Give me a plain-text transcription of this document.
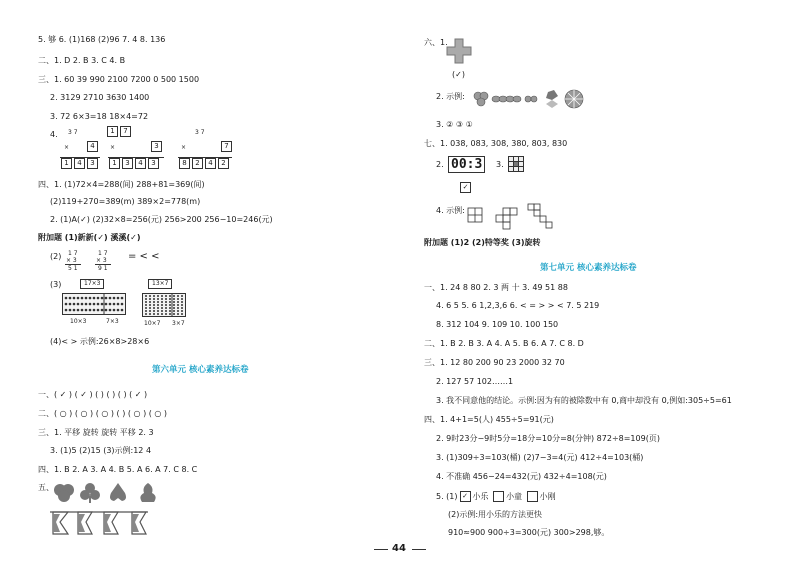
5. 够 6. (1)168 (2)96 7. 4 8. 136
二、1. D 2. B 3. C 4. B
三、1. 60 39 990 2100 7200 0 500 1500
2. 3129 2710 3630 1400
3. 72 6×3=18 18×4=72
4. 3 7
×	4
1 4 3
1 7
×	3
1 3 4 3
3 7
×	7
8 2 4 2
四、1. (1)72×4=288(间) 288+81=369(间)
(2)119+270=389(m) 389×2=778(m)
2. (1)A(✓) (2)32×8=256(元) 256>200 256−10=246(元)
附加题 (1)新新(✓) 溪溪(✓)
(2) 1 7
× 3
5 1
1 7
× 3
9 1
= < <
(3)	17×3	13×7
10×3	7×3	10×7 3×7
(4)< > 示例:26×8>28×6
第六单元 核心素养达标卷
一、( ✓ ) ( ✓ ) ( ) ( ) ( ) ( ✓ )
二、( ○ ) ( ○ ) ( ○ ) ( ) ( ○ ) ( ○ )
三、1. 平移 旋转 旋转 平移 2. 3
3. (1)5 (2)15 (3)示例:12 4
四、1. B 2. A 3. A 4. B 5. A 6. A 7. C 8. C
五、
六、1.
(✓)
2. 示例:
3. ② ③ ①
七、1. 038, 083, 308, 380, 803, 830
2. 00:3	3.
✓
4. 示例:
附加题 (1)2 (2)特等奖 (3)旋转
第七单元 核心素养达标卷
一、1. 24 8 80 2. 3 两 十 3. 49 51 88
4. 6 5 5. 6 1,2,3,6 6. < = > > < 7. 5 219
8. 312 104 9. 109 10. 100 150
二、1. B 2. B 3. A 4. A 5. B 6. A 7. C 8. D
三、1. 12 80 200 90 23 2000 32 70
2. 127 57 102……1
3. 我不同意他的结论。示例:因为有的被除数中有 0,商中却没有 0,例如:305÷5=61
四、1. 4+1=5(人) 455÷5=91(元)
2. 9时23分−9时5分=18分=10分=8(分钟) 872÷8=109(页)
3. (1)309÷3=103(桶) (2)7−3=4(元) 412÷4=103(桶)
4. 不准确 456−24=432(元) 432÷4=108(元)
5. (1) ✓ 小乐 小童 小刚
(2)示例:用小乐的方法更快
910≈900 900÷3=300(元) 300>298,够。
44
